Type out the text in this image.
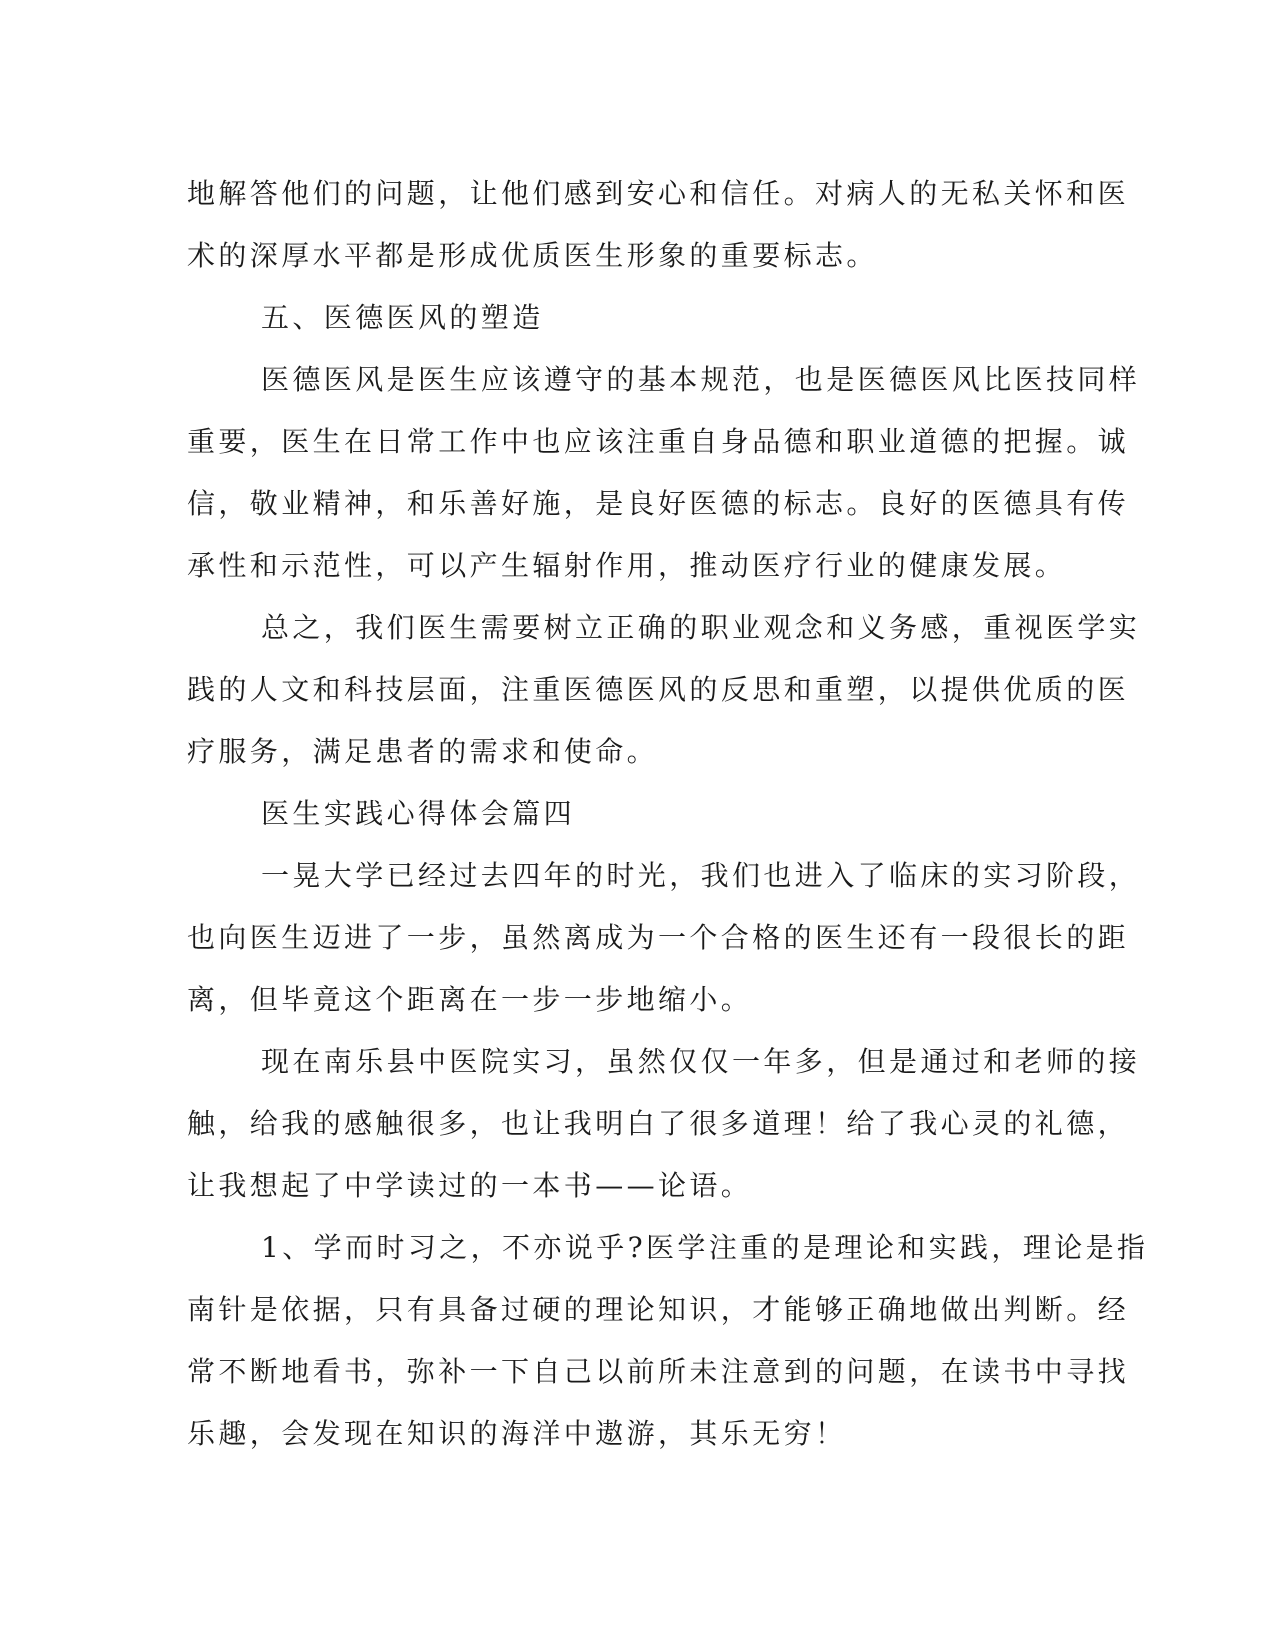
地解答他们的问题，让他们感到安心和信任。对病人的无私关怀和医
术的深厚水平都是形成优质医生形象的重要标志。
五、医德医风的塑造
医德医风是医生应该遵守的基本规范，也是医德医风比医技同样
重要，医生在日常工作中也应该注重自身品德和职业道德的把握。诚
信，敬业精神，和乐善好施，是良好医德的标志。良好的医德具有传
承性和示范性，可以产生辐射作用，推动医疗行业的健康发展。
总之，我们医生需要树立正确的职业观念和义务感，重视医学实
践的人文和科技层面，注重医德医风的反思和重塑，以提供优质的医
疗服务，满足患者的需求和使命。
医生实践心得体会篇四
一晃大学已经过去四年的时光，我们也进入了临床的实习阶段，
也向医生迈进了一步，虽然离成为一个合格的医生还有一段很长的距
离，但毕竟这个距离在一步一步地缩小。
现在南乐县中医院实习，虽然仅仅一年多，但是通过和老师的接
触，给我的感触很多，也让我明白了很多道理！给了我心灵的礼德，
让我想起了中学读过的一本书——论语。
1、学而时习之，不亦说乎?医学注重的是理论和实践，理论是指
南针是依据，只有具备过硬的理论知识，才能够正确地做出判断。经
常不断地看书，弥补一下自己以前所未注意到的问题，在读书中寻找
乐趣，会发现在知识的海洋中遨游，其乐无穷！
